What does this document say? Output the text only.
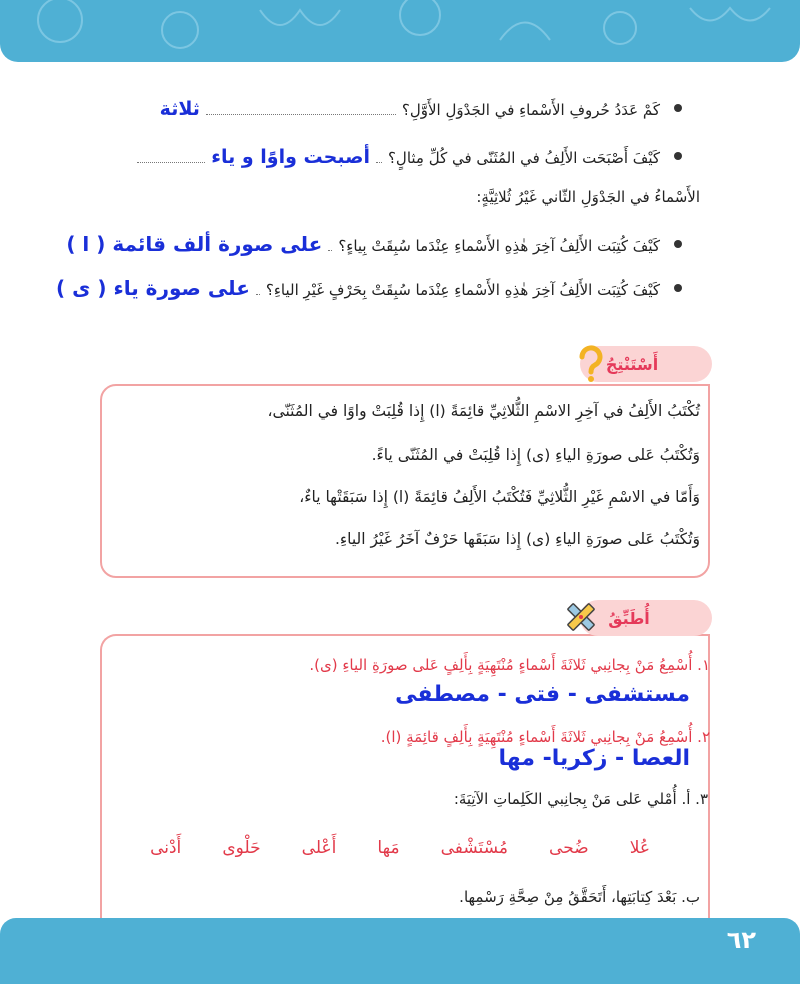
كَمْ عَدَدُ حُروفِ الأَسْماءِ في الجَدْوَلِ الأَوَّلِ؟
ثلاثة
كَيْفَ أَصْبَحَت الأَلِفُ في المُثَنّى في كُلِّ مِثالٍ؟
أصبحت واوًا و ياء
الأَسْماءُ في الجَدْوَلِ الثّاني غَيْرُ ثُلاثِيَّةٍ:
كَيْفَ كُتِبَت الأَلِفُ آخِرَ هٰذِهِ الأَسْماءِ عِنْدَما سُبِقَتْ بِياءٍ؟
على صورة ألف قائمة ( ا )
كَيْفَ كُتِبَت الأَلِفُ آخِرَ هٰذِهِ الأَسْماءِ عِنْدَما سُبِقَتْ بِحَرْفٍ غَيْرِ الياءِ؟
على صورة ياء ( ى )
أَسْتَنْتِجُ
تُكْتَبُ الأَلِفُ في آخِرِ الاسْمِ الثُّلاثِيِّ قائِمَةً (ا) إِذا قُلِبَتْ واوًا في المُثَنّى،
وَتُكْتَبُ عَلى صورَةِ الياءِ (ى) إِذا قُلِبَتْ في المُثَنّى ياءً.
وَأَمّا في الاسْمِ غَيْرِ الثُّلاثِيِّ فَتُكْتَبُ الأَلِفُ قائِمَةً (ا) إِذا سَبَقَتْها ياءٌ،
وَتُكْتَبُ عَلى صورَةِ الياءِ (ى) إِذا سَبَقَها حَرْفٌ آخَرُ غَيْرُ الياءِ.
أُطَبِّقُ
١. أُسْمِعُ مَنْ بِجانِبي ثَلاثَةَ أَسْماءٍ مُنْتَهِيَةٍ بِأَلِفٍ عَلى صورَةِ الياءِ (ى).
مستشفى - فتى - مصطفى
٢. أُسْمِعُ مَنْ بِجانِبي ثَلاثَةَ أَسْماءٍ مُنْتَهِيَةٍ بِأَلِفٍ قائِمَةٍ (ا).
العصا - زكريا- مها
٣. أ. أُمْلي عَلى مَنْ بِجانِبي الكَلِماتِ الآتِيَةَ:
عُلا
ضُحى
مُسْتَشْفى
مَها
أَعْلى
حَلْوى
أَدْنى
ب. بَعْدَ كِتابَتِها، أَتَحَقَّقُ مِنْ صِحَّةِ رَسْمِها.
٦٢
